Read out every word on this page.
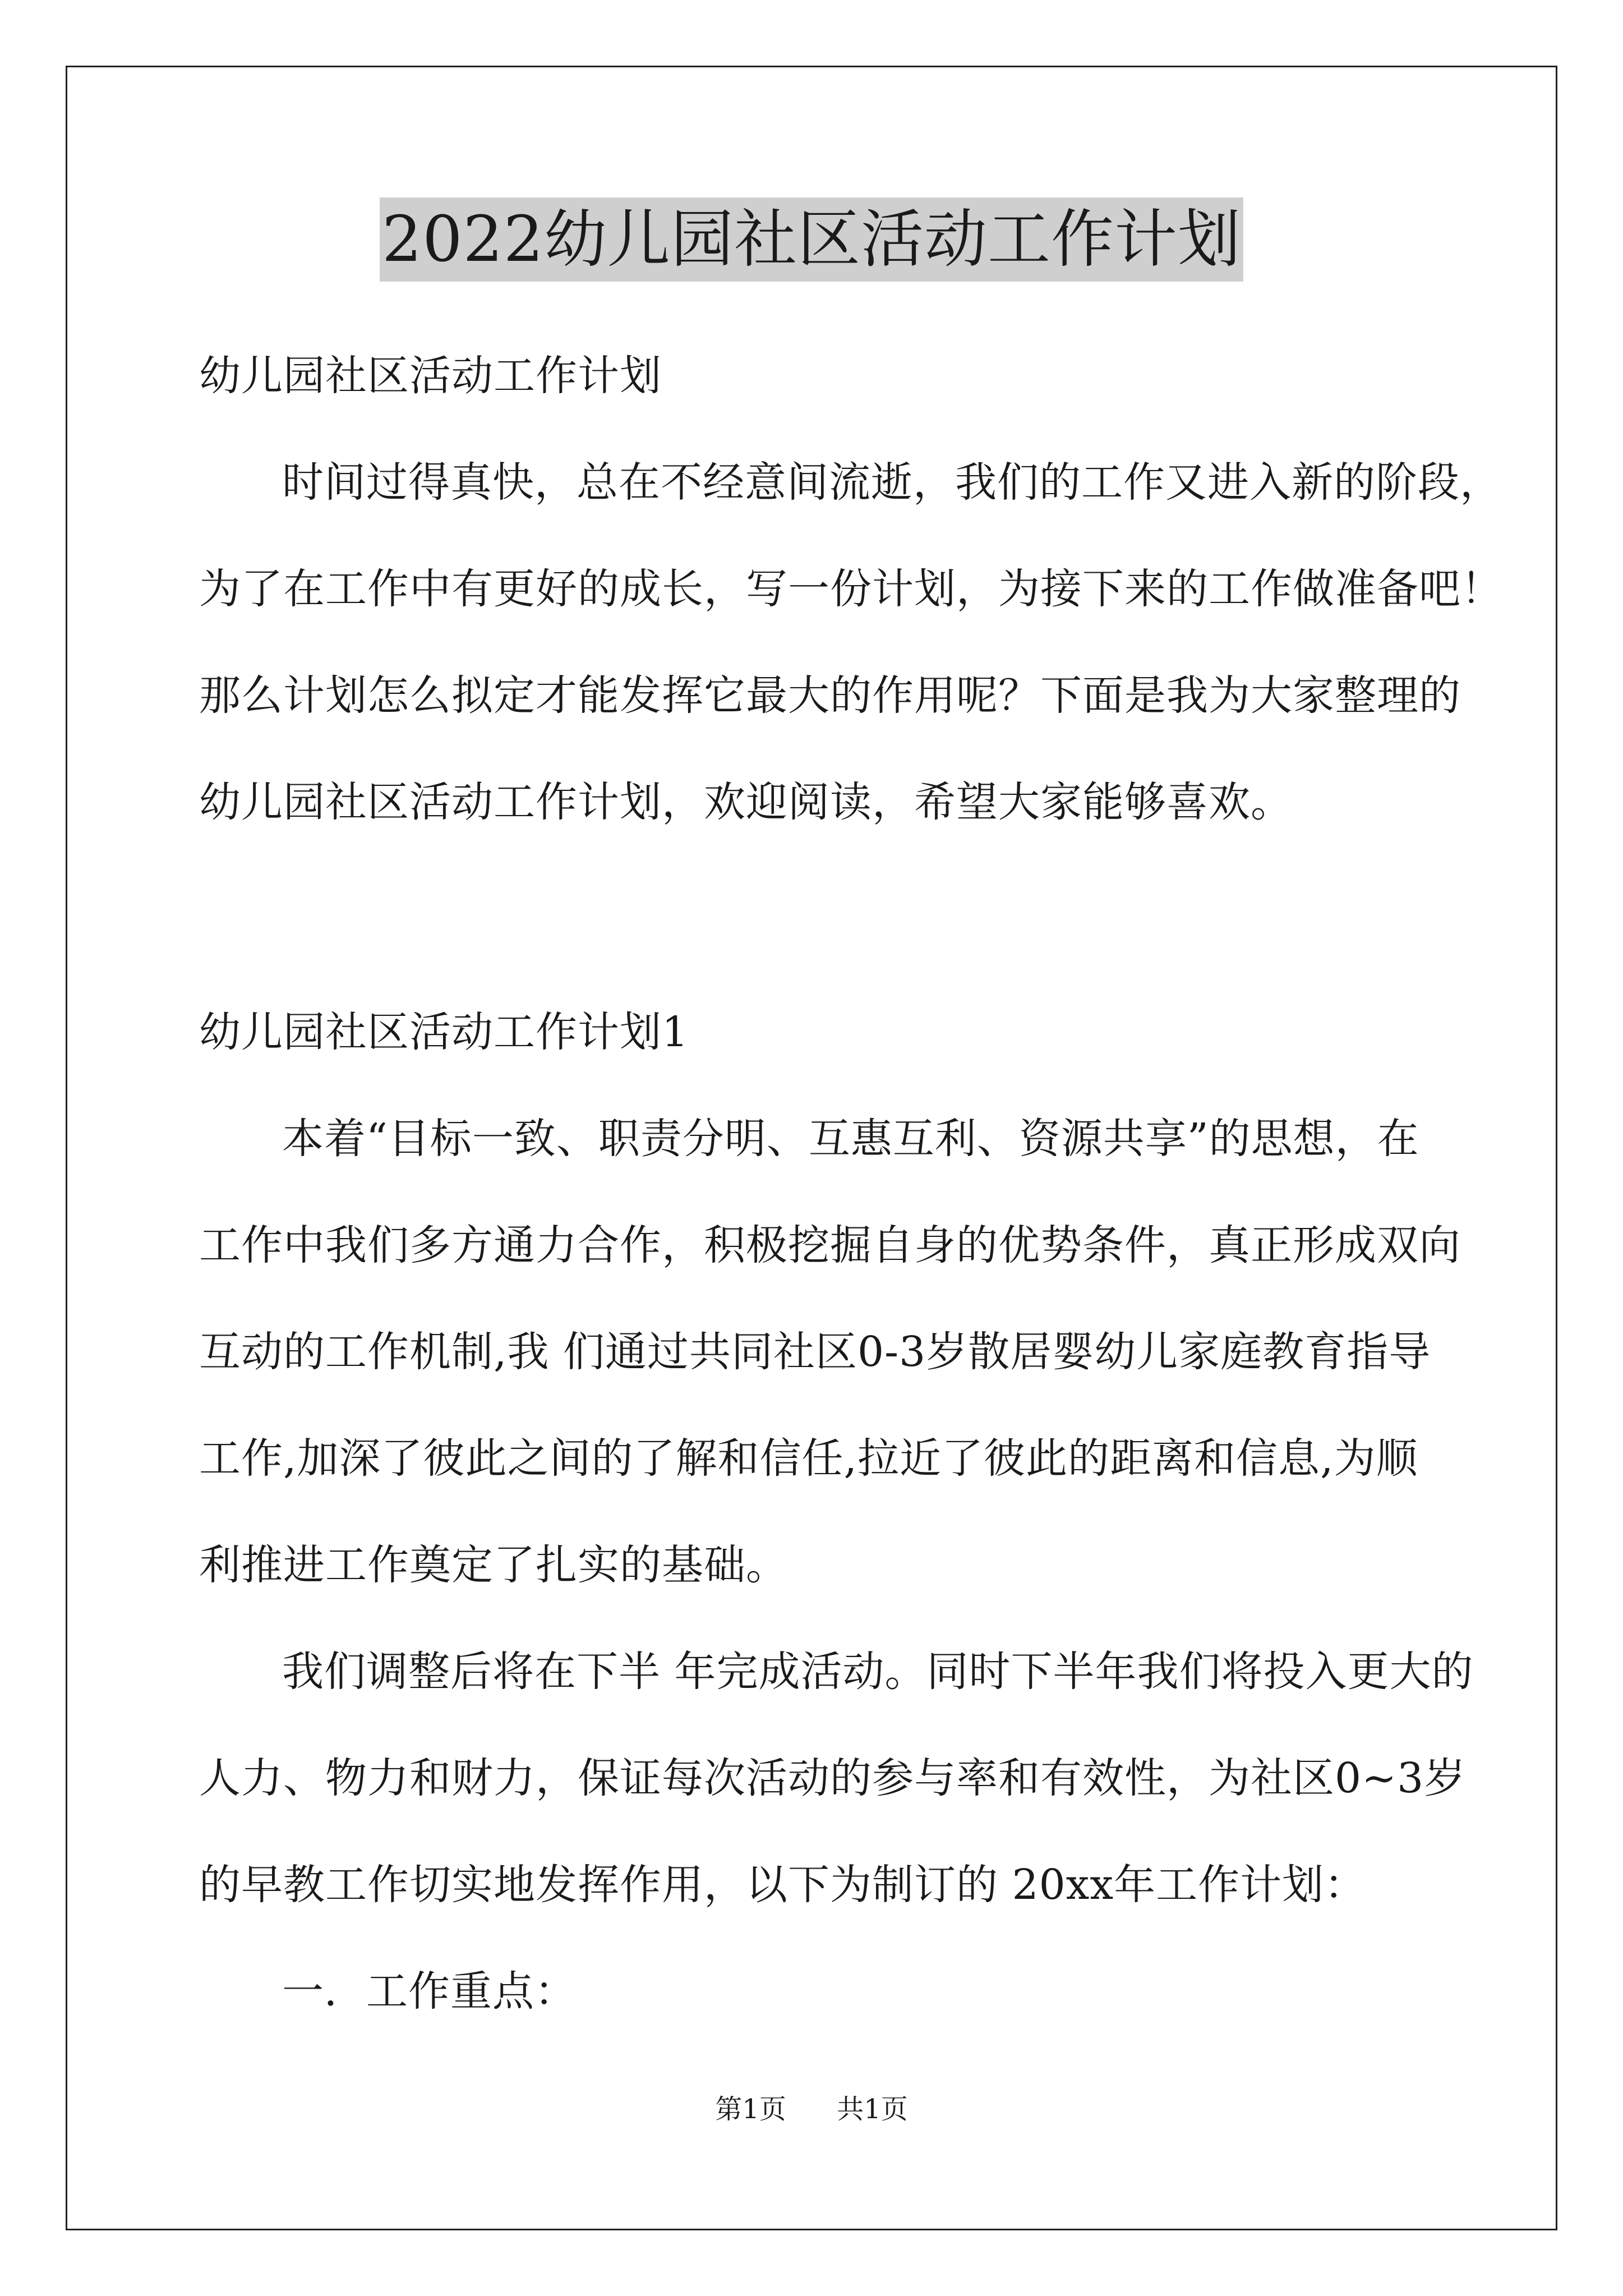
2022幼儿园社区活动工作计划
幼儿园社区活动工作计划
时间过得真快，总在不经意间流逝，我们的工作又进入新的阶段，
为了在工作中有更好的成长，写一份计划，为接下来的工作做准备吧！
那么计划怎么拟定才能发挥它最大的作用呢？下面是我为大家整理的
幼儿园社区活动工作计划，欢迎阅读，希望大家能够喜欢。
幼儿园社区活动工作计划1
本着“目标一致、职责分明、互惠互利、资源共享”的思想，在
工作中我们多方通力合作，积极挖掘自身的优势条件，真正形成双向
互动的工作机制,我 们通过共同社区0-3岁散居婴幼儿家庭教育指导
工作,加深了彼此之间的了解和信任,拉近了彼此的距离和信息,为顺
利推进工作奠定了扎实的基础。
我们调整后将在下半 年完成活动。同时下半年我们将投入更大的
人力、物力和财力，保证每次活动的参与率和有效性，为社区0~3岁
的早教工作切实地发挥作用，以下为制订的 20xx年工作计划：
一．工作重点：
第1页 共1页
